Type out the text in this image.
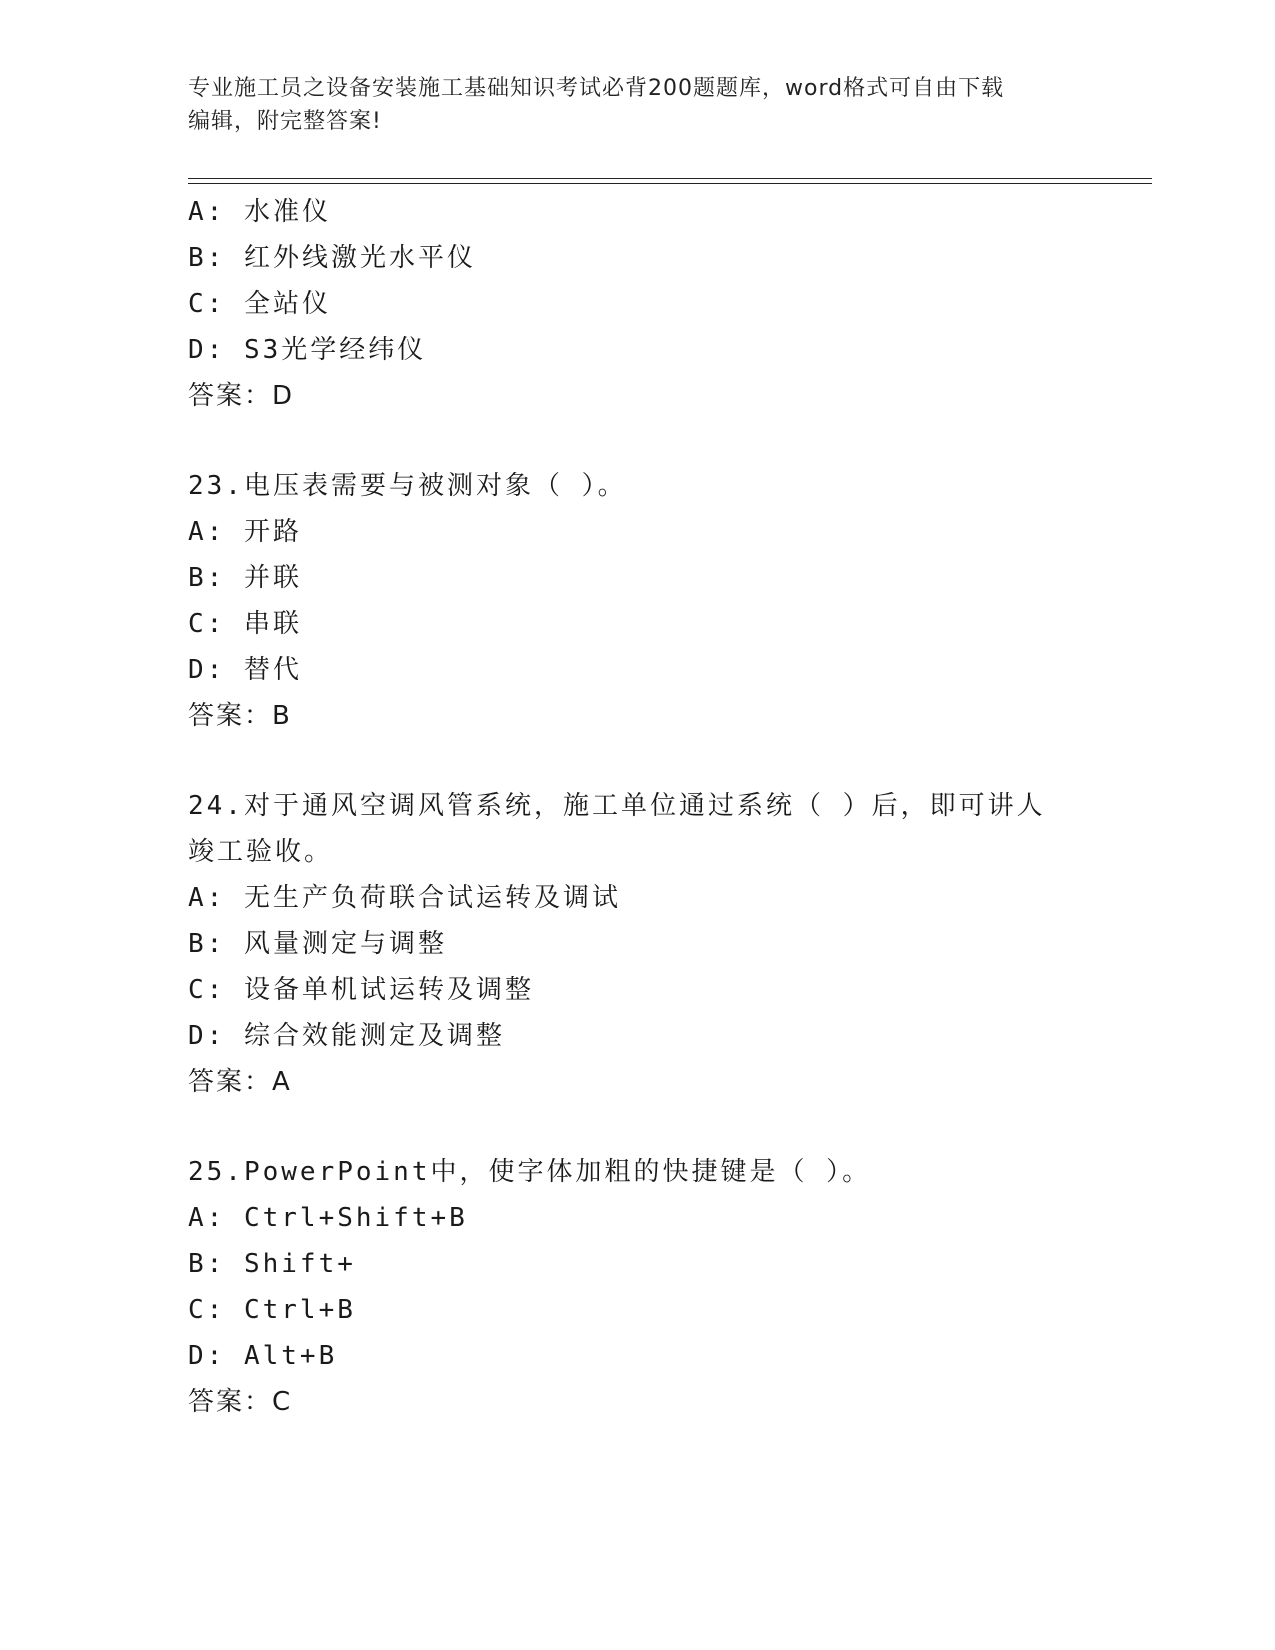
专业施工员之设备安装施工基础知识考试必背200题题库，word格式可自由下载
编辑，附完整答案!
A: 水准仪
B: 红外线激光水平仪
C: 全站仪
D: S3光学经纬仪
答案：D
23.电压表需要与被测对象（ ）。
A: 开路
B: 并联
C: 串联
D: 替代
答案：B
24.对于通风空调风管系统，施工单位通过系统（ ）后，即可讲人竣工验收。
A: 无生产负荷联合试运转及调试
B: 风量测定与调整
C: 设备单机试运转及调整
D: 综合效能测定及调整
答案：A
25.PowerPoint中，使字体加粗的快捷键是（ ）。
A: Ctrl+Shift+B
B: Shift+
C: Ctrl+B
D: Alt+B
答案：C
